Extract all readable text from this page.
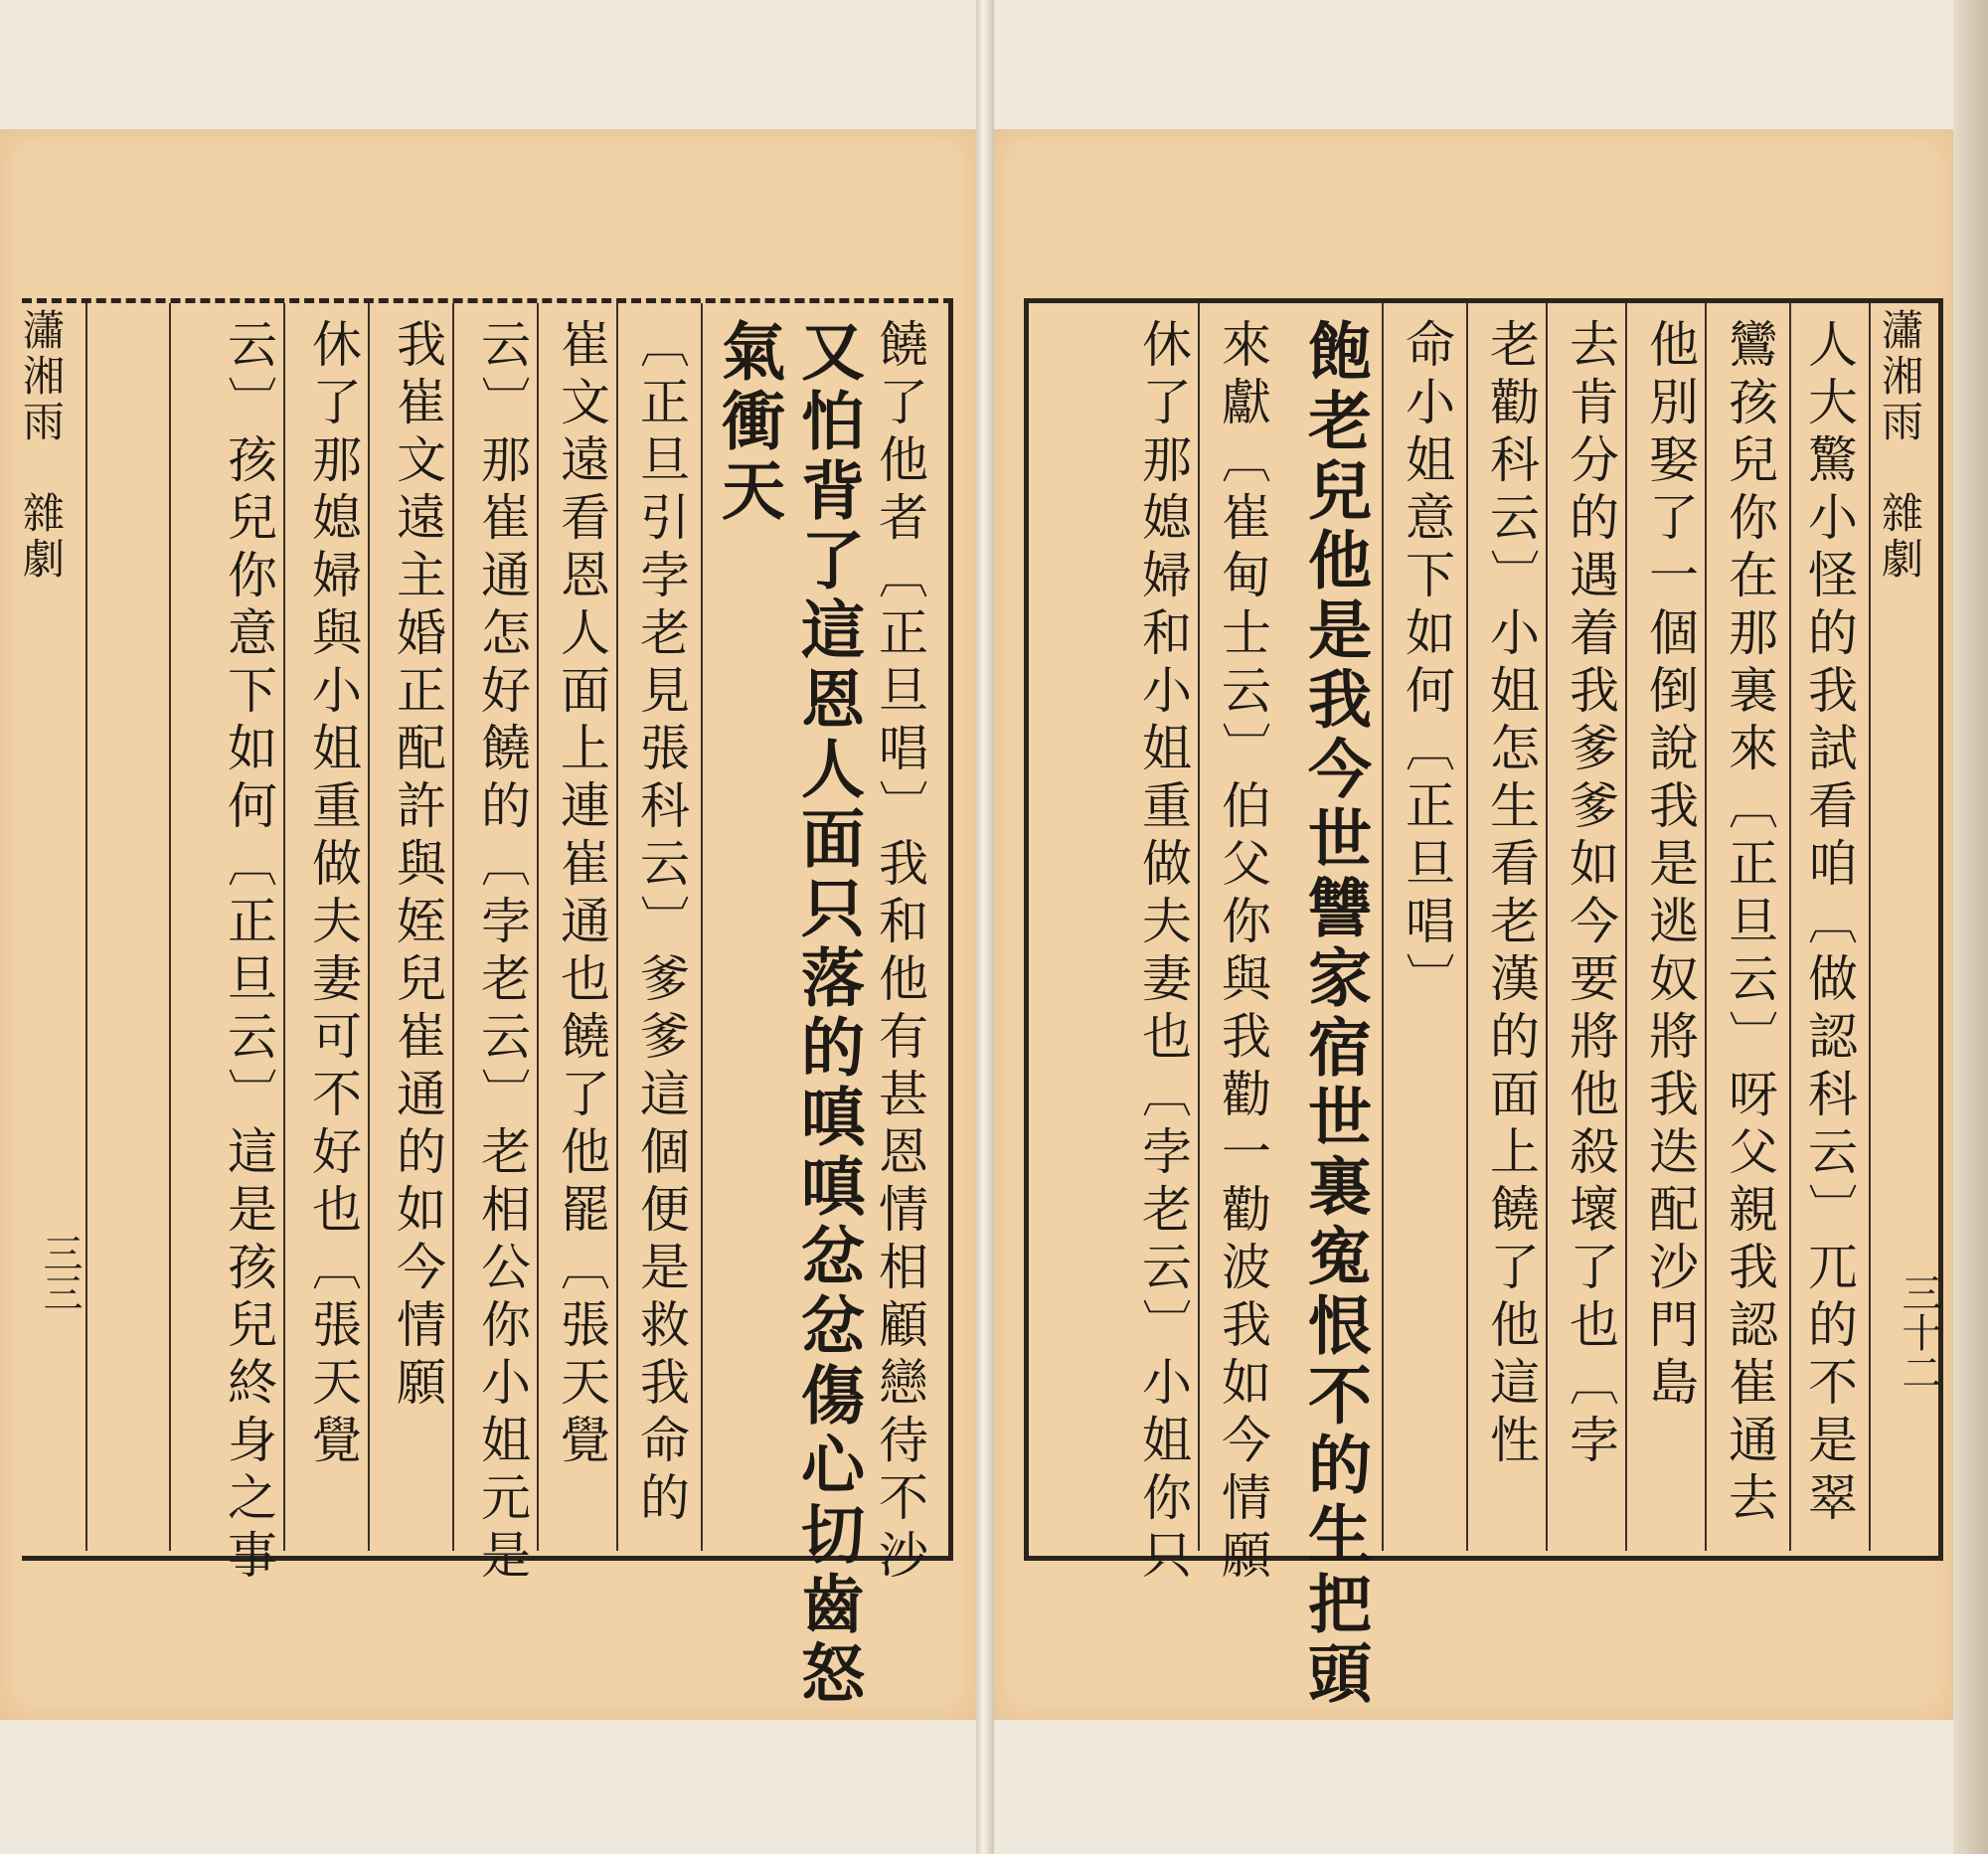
瀟湘雨　雜劇
三三	饒了他者〔正旦唱〕我和他有甚恩情相顧戀待不沙
又怕背了這恩人面只落的嗔嗔忿忿傷心切齒怒
氣衝天
〔正旦引孛老見張科云〕爹爹這個便是救我命的
崔文遠看恩人面上連崔通也饒了他罷〔張天覺
云〕那崔通怎好饒的〔孛老云〕老相公你小姐元是
我崔文遠主婚正配許與姪兒崔通的如今情願
休了那媳婦與小姐重做夫妻可不好也〔張天覺
云〕孩兒你意下如何〔正旦云〕這是孩兒終身之事	瀟湘雨　雜劇
三十二
人大驚小怪的我試看咱〔做認科云〕兀的不是翠
鸞孩兒你在那裏來〔正旦云〕呀父親我認崔通去
他別娶了一個倒說我是逃奴將我迭配沙門島
去肯分的遇着我爹爹如今要將他殺壞了也〔孛
老勸科云〕小姐怎生看老漢的面上饒了他這性
命小姐意下如何〔正旦唱〕
飽老兒他是我今世讐家宿世裏寃恨不的生把頭
來獻〔崔甸士云〕伯父你與我勸一勸波我如今情願
休了那媳婦和小姐重做夫妻也〔孛老云〕小姐你只
